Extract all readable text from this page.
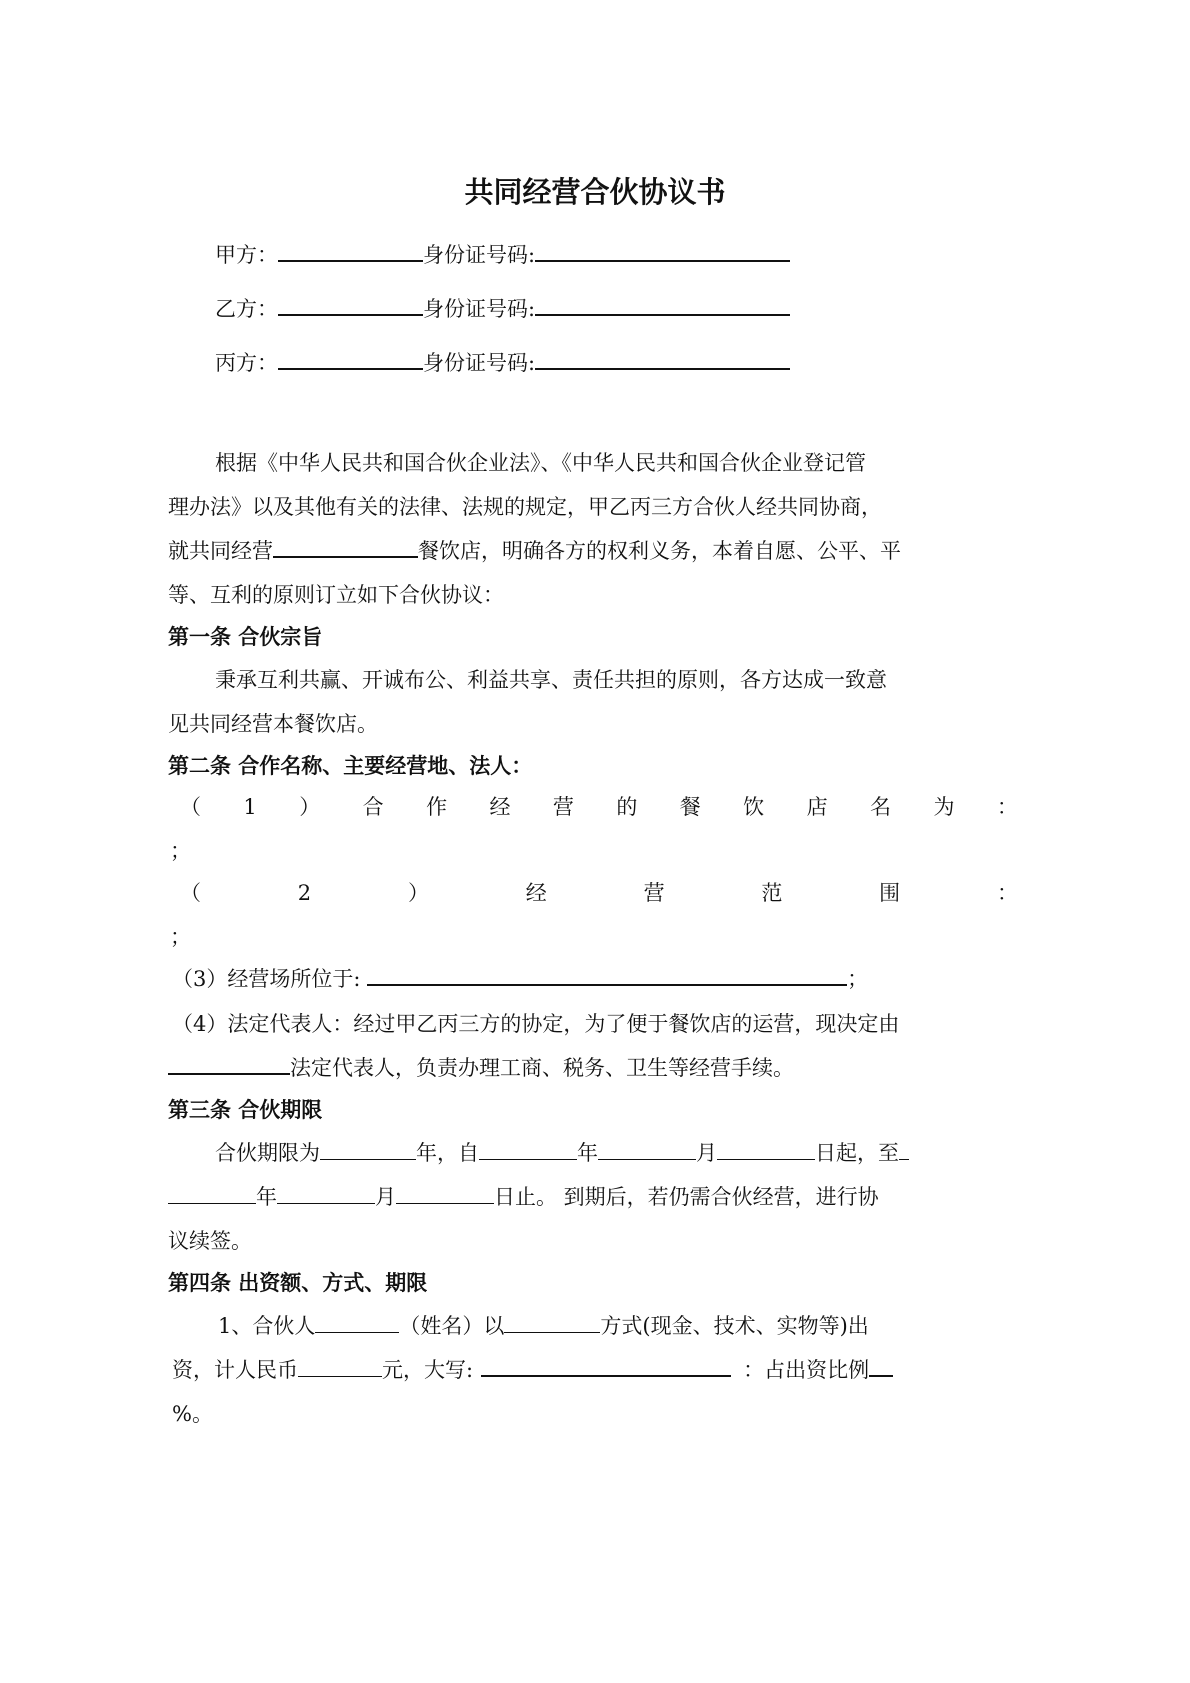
共同经营合伙协议书
甲方：	身份证号码:
乙方：	身份证号码:
丙方：	身份证号码:
根据《中华人民共和国合伙企业法》、《中华人民共和国合伙企业登记管
理办法》以及其他有关的法律、法规的规定，甲乙丙三方合伙人经共同协商，
就共同经营	餐饮店，明确各方的权利义务，本着自愿、公平、平
等、互利的原则订立如下合伙协议：
第一条 合伙宗旨
秉承互利共赢、开诚布公、利益共享、责任共担的原则，各方达成一致意
见共同经营本餐饮店。
第二条 合作名称、主要经营地、法人：
（ 1 ） 合 作 经 营 的 餐 饮 店 名 为 ：
；
（	2	）	经	营	范	围	：
；
（3）经营场所位于:	；
（4）法定代表人：经过甲乙丙三方的协定，为了便于餐饮店的运营，现决定由
法定代表人，负责办理工商、税务、卫生等经营手续。
第三条 合伙期限
合伙期限为	年，自	年	月	日起，至
年	月	日止。 到期后，若仍需合伙经营，进行协
议续签。
第四条 出资额、方式、期限
1、合伙人	（姓名）以	方式(现金、技术、实物等)出
资，计人民币	元，大写:	：占出资比例
%。
